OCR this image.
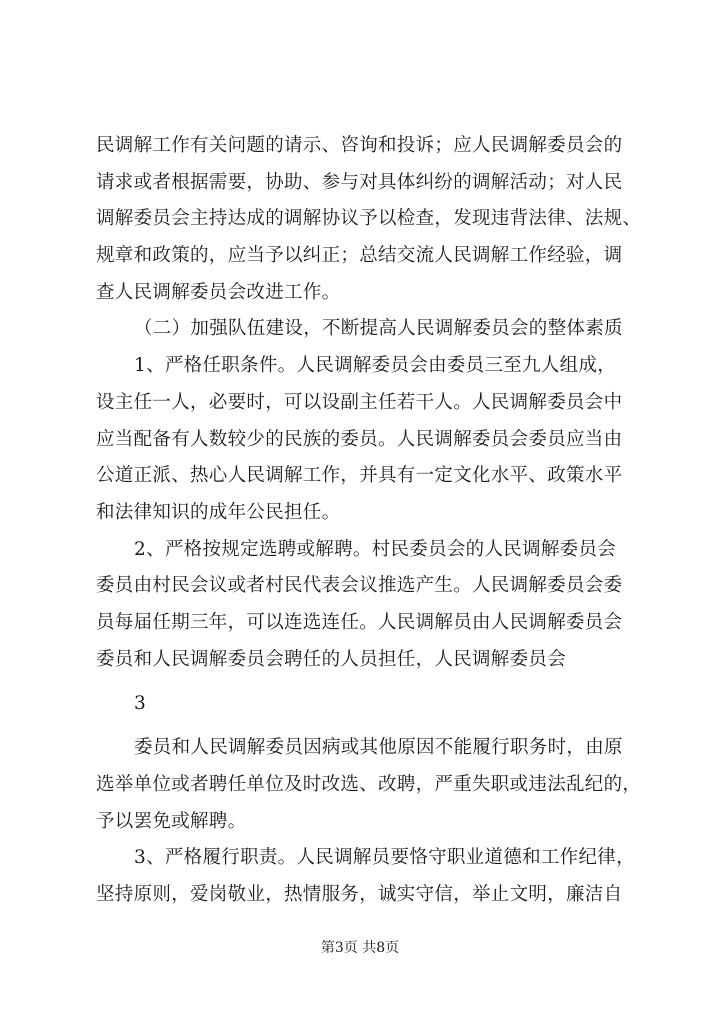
民调解工作有关问题的请示、咨询和投诉；应人民调解委员会的
请求或者根据需要，协助、参与对具体纠纷的调解活动；对人民
调解委员会主持达成的调解协议予以检查，发现违背法律、法规、
规章和政策的，应当予以纠正；总结交流人民调解工作经验，调
查人民调解委员会改进工作。
（二）加强队伍建设，不断提高人民调解委员会的整体素质
1、严格任职条件。人民调解委员会由委员三至九人组成，
设主任一人，必要时，可以设副主任若干人。人民调解委员会中
应当配备有人数较少的民族的委员。人民调解委员会委员应当由
公道正派、热心人民调解工作，并具有一定文化水平、政策水平
和法律知识的成年公民担任。
2、严格按规定选聘或解聘。村民委员会的人民调解委员会
委员由村民会议或者村民代表会议推选产生。人民调解委员会委
员每届任期三年，可以连选连任。人民调解员由人民调解委员会
委员和人民调解委员会聘任的人员担任，人民调解委员会
3
委员和人民调解委员因病或其他原因不能履行职务时，由原
选举单位或者聘任单位及时改选、改聘，严重失职或违法乱纪的，
予以罢免或解聘。
3、严格履行职责。人民调解员要恪守职业道德和工作纪律，
坚持原则，爱岗敬业，热情服务，诚实守信，举止文明，廉洁自
第3页 共8页
